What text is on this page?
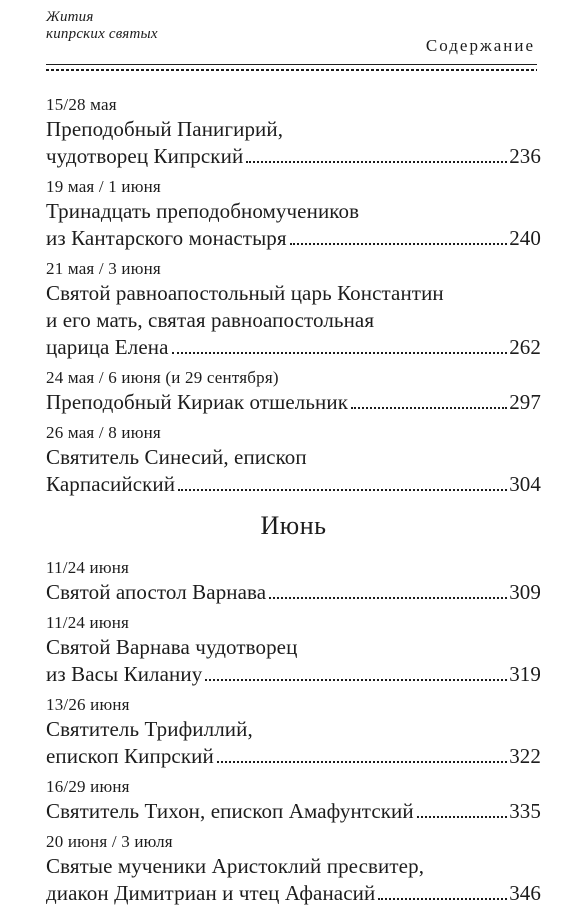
Жития
кипрских святых
Содержание
15/28 мая
Преподобный Панигирий,
чудотворец Кипрский	236
19 мая / 1 июня
Тринадцать преподобномучеников
из Кантарского монастыря	240
21 мая / 3 июня
Святой равноапостольный царь Константин
и его мать, святая равноапостольная
царица Елена	262
24 мая / 6 июня (и 29 сентября)
Преподобный Кириак отшельник	297
26 мая / 8 июня
Святитель Синесий, епископ
Карпасийский	304
Июнь
11/24 июня
Святой апостол Варнава	309
11/24 июня
Святой Варнава чудотворец
из Васы Киланиу	319
13/26 июня
Святитель Трифиллий,
епископ Кипрский	322
16/29 июня
Святитель Тихон, епископ Амафунтский	335
20 июня / 3 июля
Святые мученики Аристоклий пресвитер,
диакон Димитриан и чтец Афанасий	346
